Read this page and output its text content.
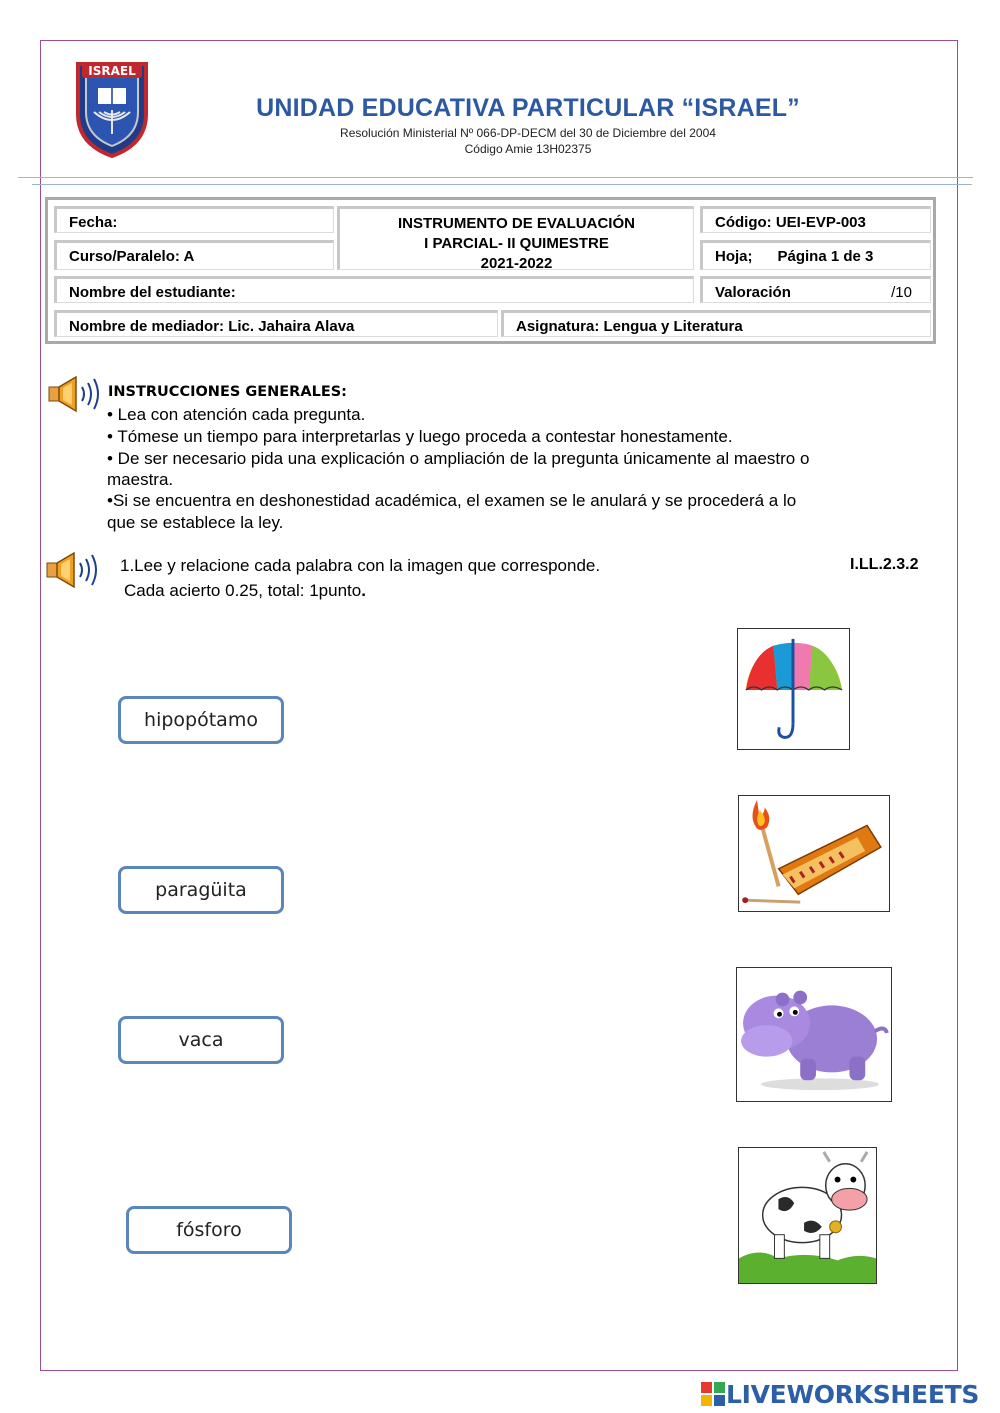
ISRAEL
UNIDAD EDUCATIVA PARTICULAR “ISRAEL”
Resolución Ministerial Nº 066-DP-DECM del 30 de Diciembre del 2004
Código Amie 13H02375
Fecha:
Curso/Paralelo: A
INSTRUMENTO DE EVALUACIÓN
I PARCIAL- II QUIMESTRE
2021-2022
Código: UEI-EVP-003
Hoja;      Página 1 de 3
Nombre del estudiante:	Valoración	/10
Nombre de mediador: Lic. Jahaira Alava	Asignatura: Lengua y Literatura
INSTRUCCIONES GENERALES:
• Lea con atención cada pregunta.
• Tómese un tiempo para interpretarlas y luego proceda a contestar honestamente.
• De ser necesario pida una explicación o ampliación de la pregunta únicamente al maestro o
maestra.
•Si se encuentra en deshonestidad académica, el examen se le anulará y se procederá a lo
que se establece la ley.
1.Lee y relacione cada palabra con la imagen que corresponde.	I.LL.2.3.2
Cada acierto 0.25, total: 1punto.
hipopótamo
paragüita
vaca
fósforo
LIVEWORKSHEETS
